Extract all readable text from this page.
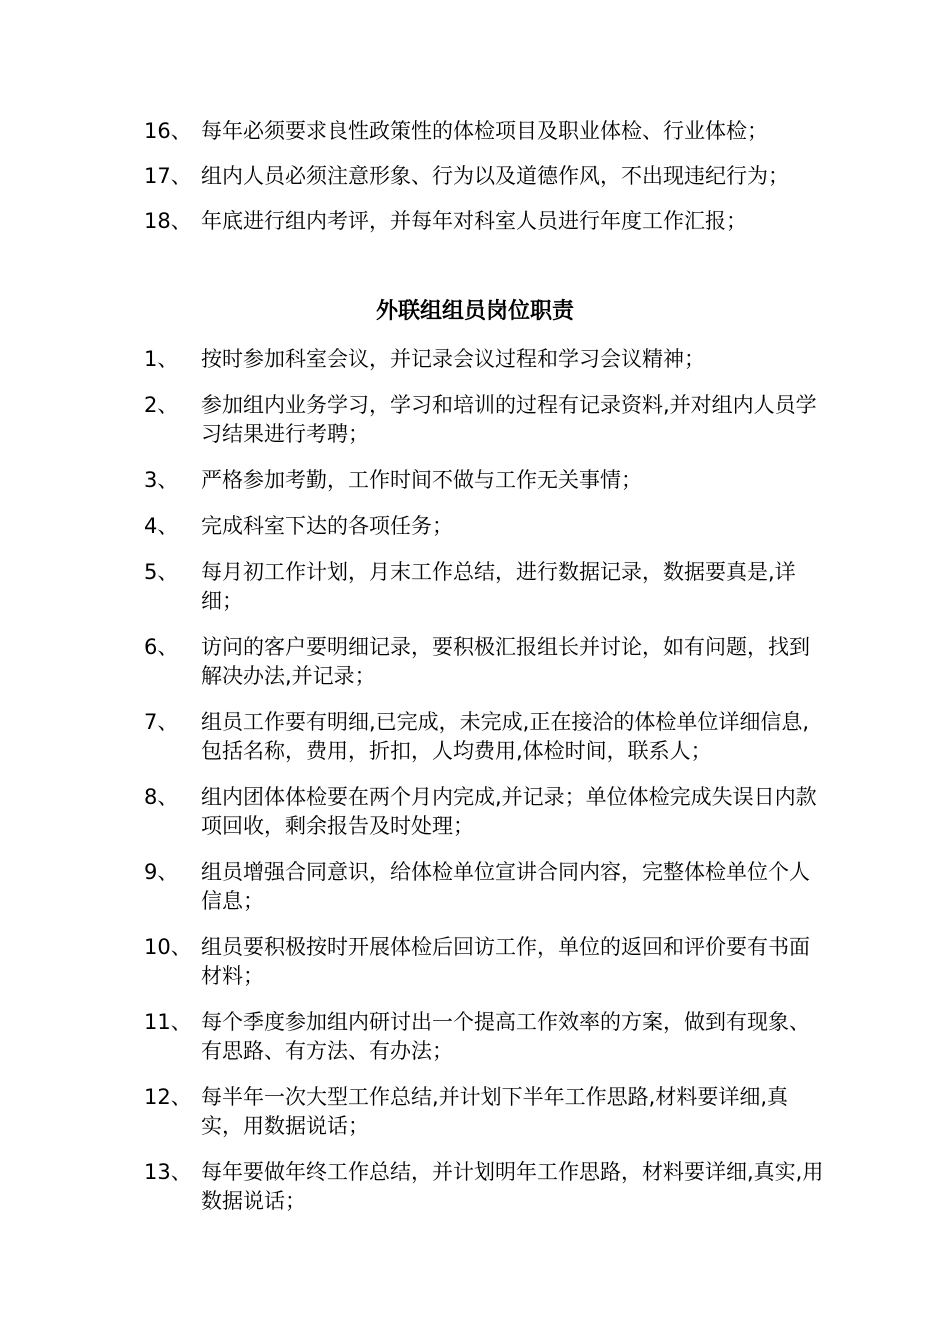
16、 每年必须要求良性政策性的体检项目及职业体检、行业体检；
17、 组内人员必须注意形象、行为以及道德作风，不出现违纪行为；
18、 年底进行组内考评，并每年对科室人员进行年度工作汇报；
外联组组员岗位职责
1、	按时参加科室会议，并记录会议过程和学习会议精神；
2、	参加组内业务学习，学习和培训的过程有记录资料,并对组内人员学习结果进行考聘；
3、	严格参加考勤，工作时间不做与工作无关事情；
4、	完成科室下达的各项任务；
5、	每月初工作计划，月末工作总结，进行数据记录，数据要真是,详细；
6、	访问的客户要明细记录，要积极汇报组长并讨论，如有问题，找到解决办法,并记录；
7、	组员工作要有明细,已完成，未完成,正在接洽的体检单位详细信息,包括名称，费用，折扣，人均费用,体检时间，联系人；
8、	组内团体体检要在两个月内完成,并记录；单位体检完成失误日内款项回收，剩余报告及时处理；
9、	组员增强合同意识，给体检单位宣讲合同内容，完整体检单位个人信息；
10、 组员要积极按时开展体检后回访工作，单位的返回和评价要有书面材料；
11、 每个季度参加组内研讨出一个提高工作效率的方案，做到有现象、有思路、有方法、有办法；
12、 每半年一次大型工作总结,并计划下半年工作思路,材料要详细,真实，用数据说话；
13、 每年要做年终工作总结，并计划明年工作思路，材料要详细,真实,用数据说话；
